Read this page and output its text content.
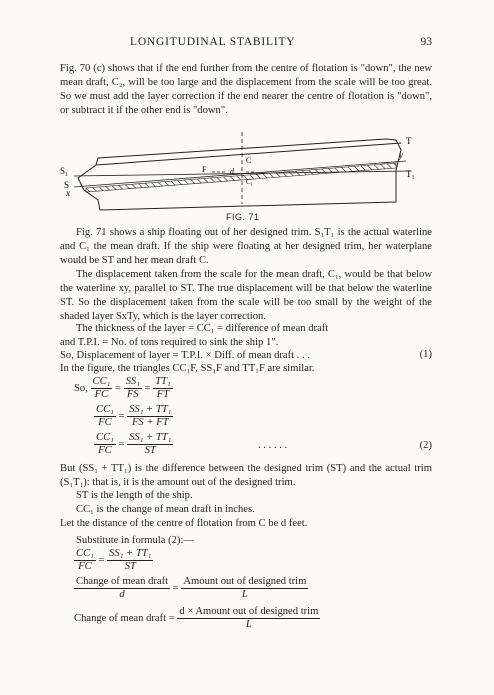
LONGITUDINAL STABILITY	93
Fig. 70 (c) shows that if the end further from the centre of flotation is "down", the new mean draft, C₂, will be too large and the displacement from the scale will be too great. So we must add the layer correction if the end nearer the centre of flotation is "down", or subtract it if the other end is "down".
S₁
S
x
T
y
T₁
F	d
C
C₁
FIG. 71
Fig. 71 shows a ship floating out of her designed trim. S₁T₁ is the actual waterline and C₁ the mean draft. If the ship were floating at her designed trim, her waterplane would be ST and her mean draft C.
The displacement taken from the scale for the mean draft, C₁, would be that below the waterline xy, parallel to ST. The true displacement will be that below the waterline ST. So the displacement taken from the scale will be too small by the weight of the shaded layer SxTy, which is the layer correction.
The thickness of the layer = CC₁ = difference of mean draft
and T.P.I. = No. of tons required to sink the ship 1".
So, Displacement of layer = T.P.I. × Diff. of mean draft . . .	(1)
In the figure, the triangles CC₁F, SS₁F and TT₁F are similar.
So, $\frac{\text{CC₁}}{FC} = \frac{\text{SS₁}}{FS} = \frac{\text{TT₁}}{FT}$
$\frac{\text{CC₁}}{FC} = \frac{\text{SS₁ + TT₁}}{FS + FT}$
$\frac{\text{CC₁}}{FC} = \frac{\text{SS₁ + TT₁}}{ST}$	. . . . . .	(2)
But (SS₁ + TT₁) is the difference between the designed trim (ST) and the actual trim (S₁T₁): that is, it is the amount out of the designed trim.
ST is the length of the ship.
CC₁ is the change of mean draft in inches.
Let the distance of the centre of flotation from C be d feet.
Substitute in formula (2):—
$\frac{\text{CC₁}}{FC} = \frac{\text{SS₁ + TT₁}}{ST}$
$\frac{\text{Change of mean draft}}{d} = \frac{\text{Amount out of designed trim}}{L}$
Change of mean draft = $\frac{\text{d × Amount out of designed trim}}{L}$
